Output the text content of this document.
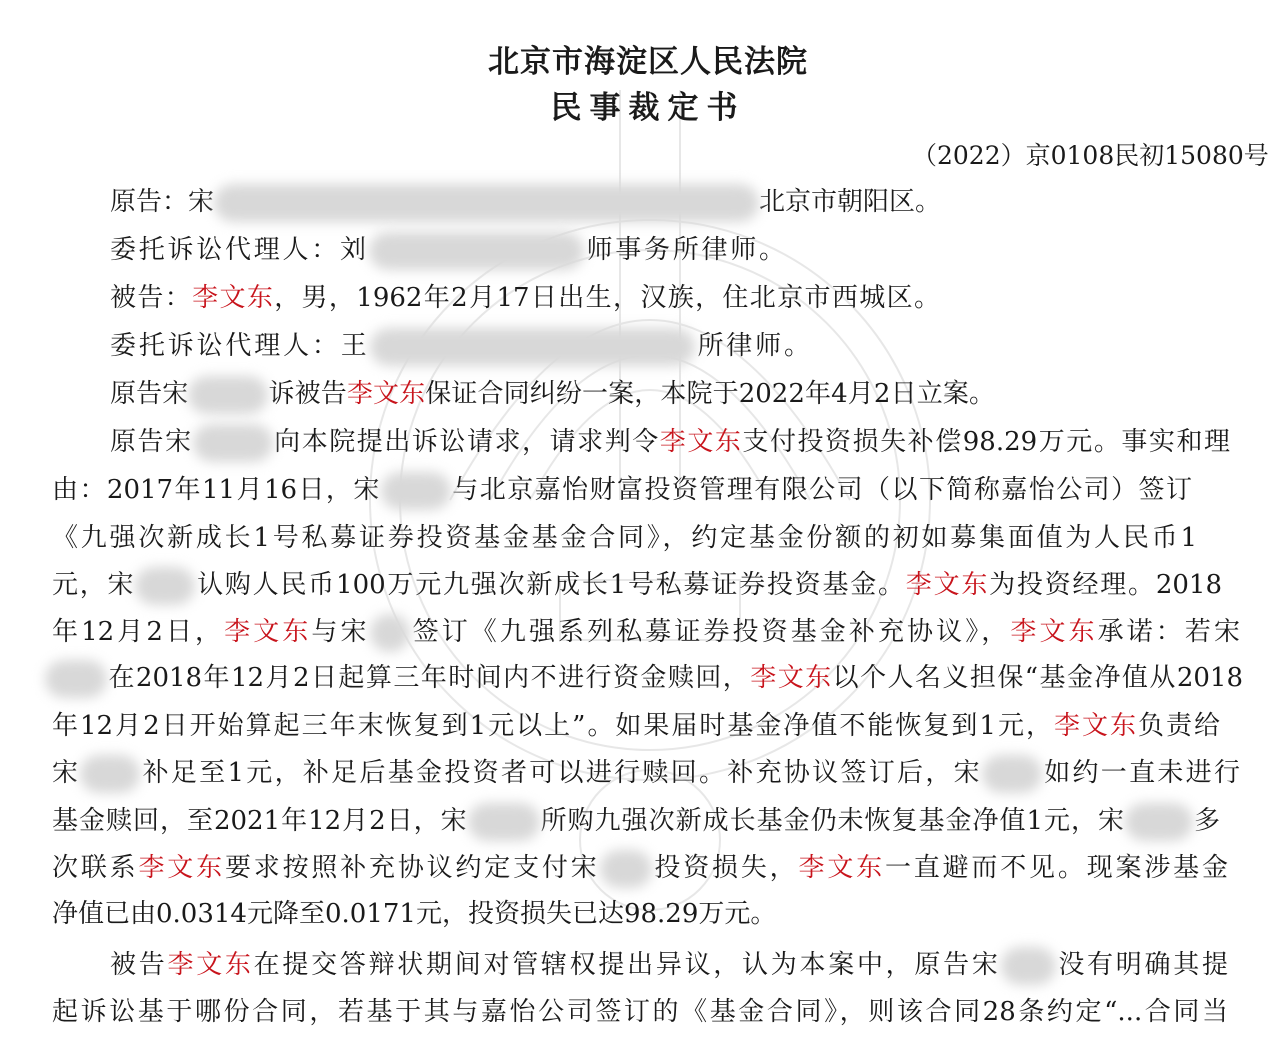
北京市海淀区人民法院
民事裁定书
（2022）京0108民初15080号
原告：宋	北京市朝阳区。
委托诉讼代理人：刘	师事务所律师。
被告：李文东，男，1962年2月17日出生，汉族，住北京市西城区。
委托诉讼代理人：王	所律师。
原告宋	诉被告李文东保证合同纠纷一案，本院于2022年4月2日立案。
原告宋	向本院提出诉讼请求，请求判令李文东支付投资损失补偿98.29万元。事实和理
由：2017年11月16日，宋	与北京嘉怡财富投资管理有限公司（以下简称嘉怡公司）签订
《九强次新成长1号私募证券投资基金基金合同》，约定基金份额的初如募集面值为人民币1
元，宋 认购人民币100万元九强次新成长1号私募证券投资基金。李文东为投资经理。2018
年12月2日，李文东与宋 签订《九强系列私募证券投资基金补充协议》，李文东承诺：若宋
在2018年12月2日起算三年时间内不进行资金赎回，李文东以个人名义担保“基金净值从2018
年12月2日开始算起三年末恢复到1元以上”。如果届时基金净值不能恢复到1元，李文东负责给
宋 补足至1元，补足后基金投资者可以进行赎回。补充协议签订后，宋 如约一直未进行
基金赎回，至2021年12月2日，宋	所购九强次新成长基金仍未恢复基金净值1元，宋	多
次联系李文东要求按照补充协议约定支付宋 投资损失，李文东一直避而不见。现案涉基金
净值已由0.0314元降至0.0171元，投资损失已达98.29万元。
被告李文东在提交答辩状期间对管辖权提出异议，认为本案中，原告宋 没有明确其提
起诉讼基于哪份合同，若基于其与嘉怡公司签订的《基金合同》，则该合同28条约定“...合同当
